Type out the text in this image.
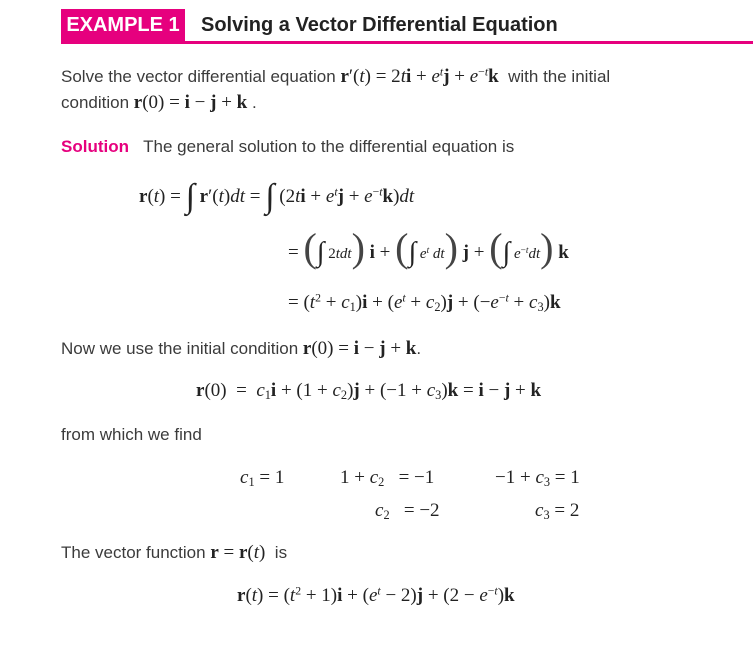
EXAMPLE 1 Solving a Vector Differential Equation
Solve the vector differential equation $r'(t) = 2ti + e^tj + e^{-t}k$ with the initial
condition r(0) = i − j + k .
Solution The general solution to the differential equation is
r(t) = ∫ r′(t)dt = ∫ $(2ti + e^tj + e^{-t}k)dt$
= (∫ 2tdt) i + (∫ $e^t$ dt) j + (∫ $e^{-t}dt$) k
= $(t^2 + c_1)i + (e^t + c_2)j + (-e^{-t} + c_3)k$
Now we use the initial condition r(0) = i − j + k.
$r(0) = c_1i + (1 + c_2)j + (-1 + c_3)k = i - j + k$
from which we find
$c_1 = 1$	$1 + c_2 = -1$
$c_2 = -2$
$-1 + c_3 = 1$
$c_3 = 2$
The vector function r = r(t) is
$r(t) = (t^2 + 1)i + (e^t - 2)j + (2 - e^{-t})k$
